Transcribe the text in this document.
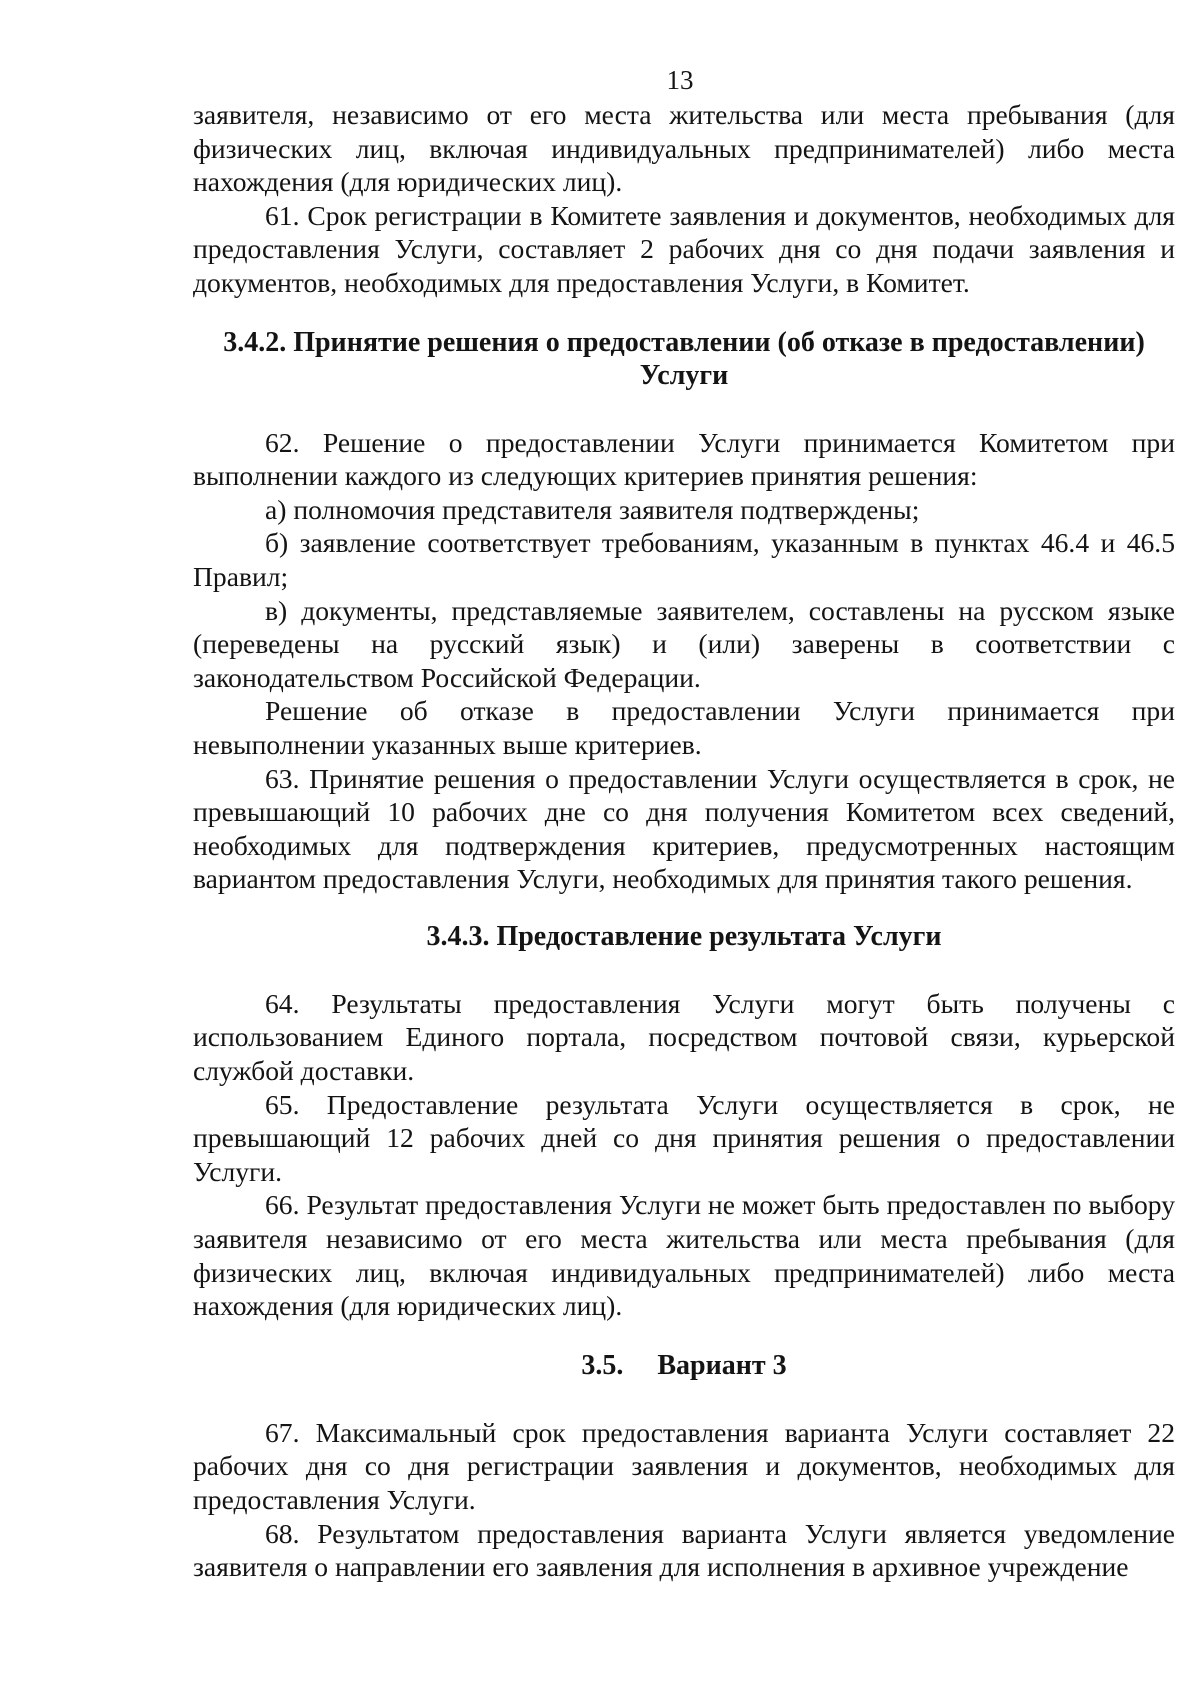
13

заявителя, независимо от его места жительства или места пребывания (для физических лиц, включая индивидуальных предпринимателей) либо места нахождения (для юридических лиц).

61. Срок регистрации в Комитете заявления и документов, необходимых для предоставления Услуги, составляет 2 рабочих дня со дня подачи заявления и документов, необходимых для предоставления Услуги, в Комитет.

3.4.2. Принятие решения о предоставлении (об отказе в предоставлении)
Услуги

62. Решение о предоставлении Услуги принимается Комитетом при выполнении каждого из следующих критериев принятия решения:

а) полномочия представителя заявителя подтверждены;

б) заявление соответствует требованиям, указанным в пунктах 46.4 и 46.5 Правил;

в) документы, представляемые заявителем, составлены на русском языке (переведены на русский язык) и (или) заверены в соответствии с законодательством Российской Федерации.

Решение об отказе в предоставлении Услуги принимается при невыполнении указанных выше критериев.

63. Принятие решения о предоставлении Услуги осуществляется в срок, не превышающий 10 рабочих дне со дня получения Комитетом всех сведений, необходимых для подтверждения критериев, предусмотренных настоящим вариантом предоставления Услуги, необходимых для принятия такого решения.

3.4.3. Предоставление результата Услуги

64. Результаты предоставления Услуги могут быть получены с использованием Единого портала, посредством почтовой связи, курьерской службой доставки.

65. Предоставление результата Услуги осуществляется в срок, не превышающий 12 рабочих дней со дня принятия решения о предоставлении Услуги.

66. Результат предоставления Услуги не может быть предоставлен по выбору заявителя независимо от его места жительства или места пребывания (для физических лиц, включая индивидуальных предпринимателей) либо места нахождения (для юридических лиц).

3.5. Вариант 3

67. Максимальный срок предоставления варианта Услуги составляет 22 рабочих дня со дня регистрации заявления и документов, необходимых для предоставления Услуги.

68. Результатом предоставления варианта Услуги является уведомление заявителя о направлении его заявления для исполнения в архивное учреждение
